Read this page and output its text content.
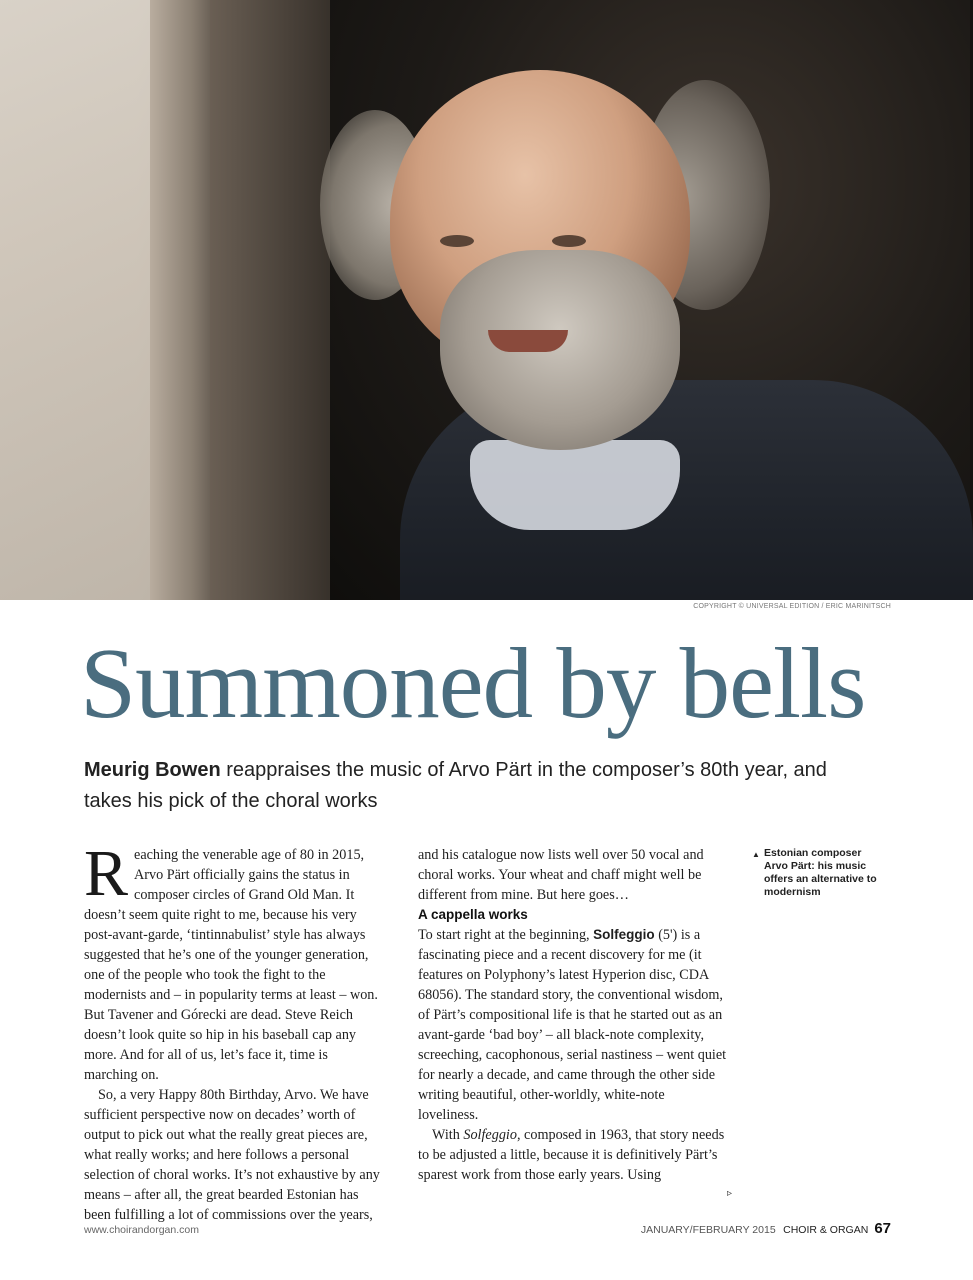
COPYRIGHT © UNIVERSAL EDITION / ERIC MARINITSCH
Summoned by bells
Meurig Bowen reappraises the music of Arvo Pärt in the composer’s 80th year, and takes his pick of the choral works

Reaching the venerable age of 80 in 2015, Arvo Pärt officially gains the status in composer circles of Grand Old Man. It doesn’t seem quite right to me, because his very post-avant-garde, ‘tintinnabulist’ style has always suggested that he’s one of the younger generation, one of the people who took the fight to the modernists and – in popularity terms at least – won. But Tavener and Górecki are dead. Steve Reich doesn’t look quite so hip in his baseball cap any more. And for all of us, let’s face it, time is marching on.

So, a very Happy 80th Birthday, Arvo. We have sufficient perspective now on decades’ worth of output to pick out what the really great pieces are, what really works; and here follows a personal selection of choral works. It’s not exhaustive by any means – after all, the great bearded Estonian has been fulfilling a lot of commissions over the years,

and his catalogue now lists well over 50 vocal and choral works. Your wheat and chaff might well be different from mine. But here goes…

A cappella works

To start right at the beginning, Solfeggio (5') is a fascinating piece and a recent discovery for me (it features on Polyphony’s latest Hyperion disc, CDA 68056). The standard story, the conventional wisdom, of Pärt’s compositional life is that he started out as an avant-garde ‘bad boy’ – all black-note complexity, screeching, cacophonous, serial nastiness – went quiet for nearly a decade, and came through the other side writing beautiful, other-worldly, white-note loveliness.

With Solfeggio, composed in 1963, that story needs to be adjusted a little, because it is definitively Pärt’s sparest work from those early years. Using

▹
▲ Estonian composer Arvo Pärt: his music offers an alternative to modernism
www.choirandorgan.com	JANUARY/FEBRUARY 2015 CHOIR & ORGAN 67
